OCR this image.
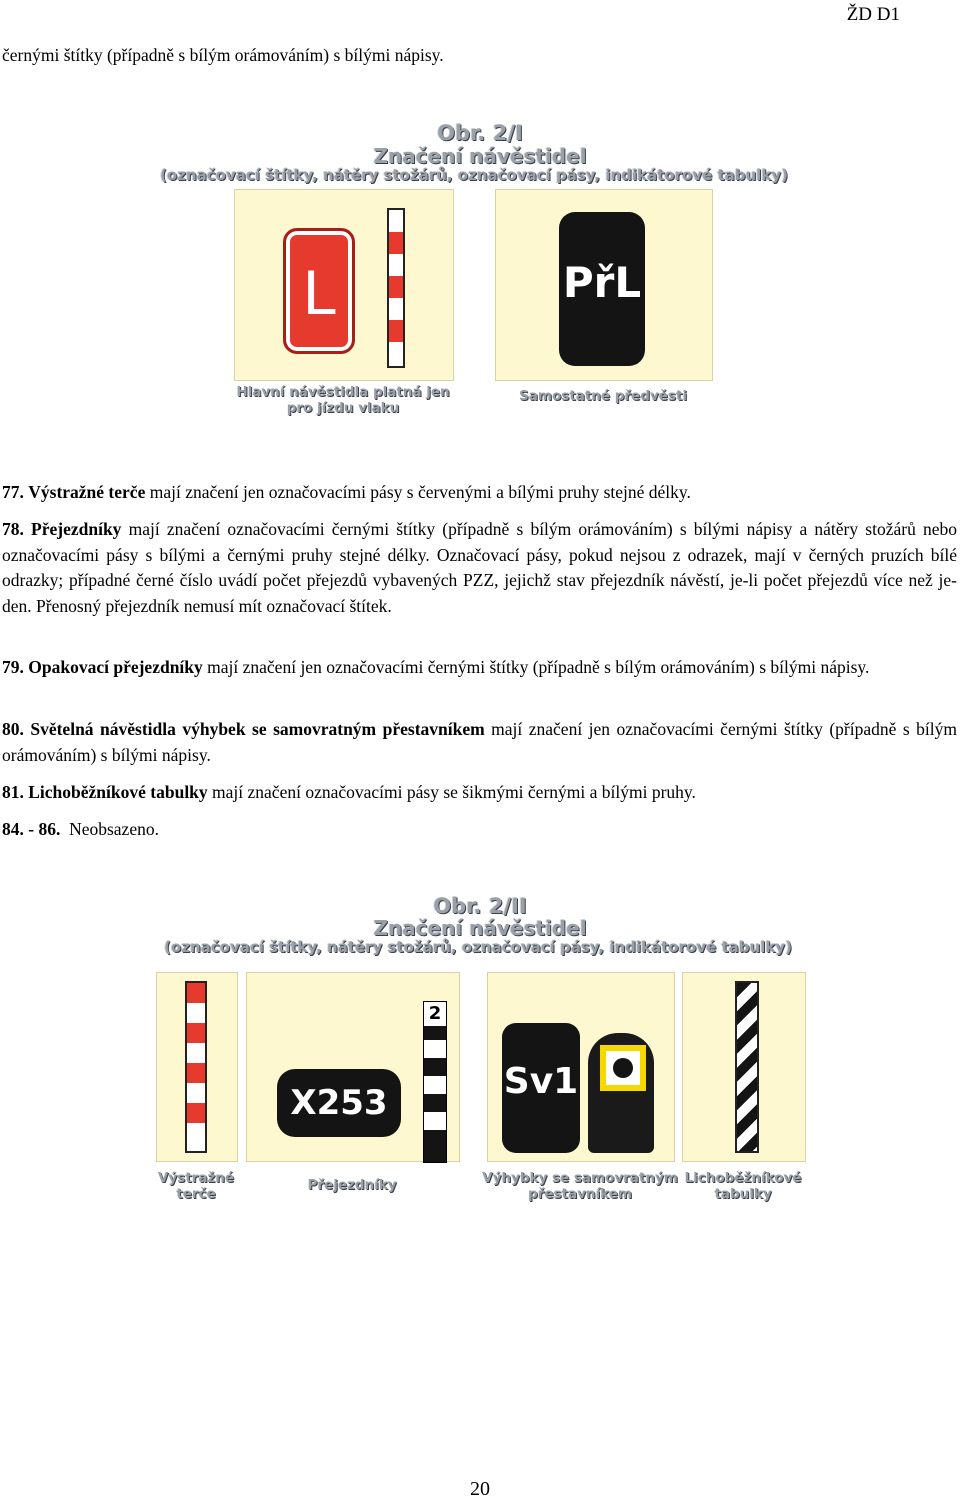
ŽD D1
černými štítky (případně s bílým orámováním) s bílými nápisy.
Obr. 2/I
Značení návěstidel
(označovací štítky, nátěry stožárů, označovací pásy, indikátorové tabulky)
L
Hlavní návěstidla platná jen
pro jízdu vlaku
PřL
Samostatné předvěsti
77. Výstražné terče mají značení jen označovacími pásy s červenými a bílými pruhy stejné délky.
78. Přejezdníky mají značení označovacími černými štítky (případně s bílým orámováním) s bílými nápisy a nátěry stožárů nebo označovacími pásy s bílými a černými pruhy stejné délky. Označovací pásy, pokud nejsou z odrazek, mají v černých pruzích bílé odrazky; případné černé číslo uvádí počet přejezdů vybavených PZZ, jejichž stav přejezdník návěstí, je-li počet přejezdů více než je- den. Přenosný přejezdník nemusí mít označovací štítek.
79. Opakovací přejezdníky mají značení jen označovacími černými štítky (případně s bílým orámováním) s bílými nápisy.
80. Světelná návěstidla výhybek se samovratným přestavníkem mají značení jen označovacími černými štítky (případně s bílým orámováním) s bílými nápisy.
81. Lichoběžníkové tabulky mají značení označovacími pásy se šikmými černými a bílými pruhy.
84. - 86. Neobsazeno.
Obr. 2/II
Značení návěstidel
(označovací štítky, nátěry stožárů, označovací pásy, indikátorové tabulky)
Výstražné
terče
X253
2
Přejezdníky
Sv1
Výhybky se samovratným
přestavníkem
Lichoběžníkové
tabulky
20
